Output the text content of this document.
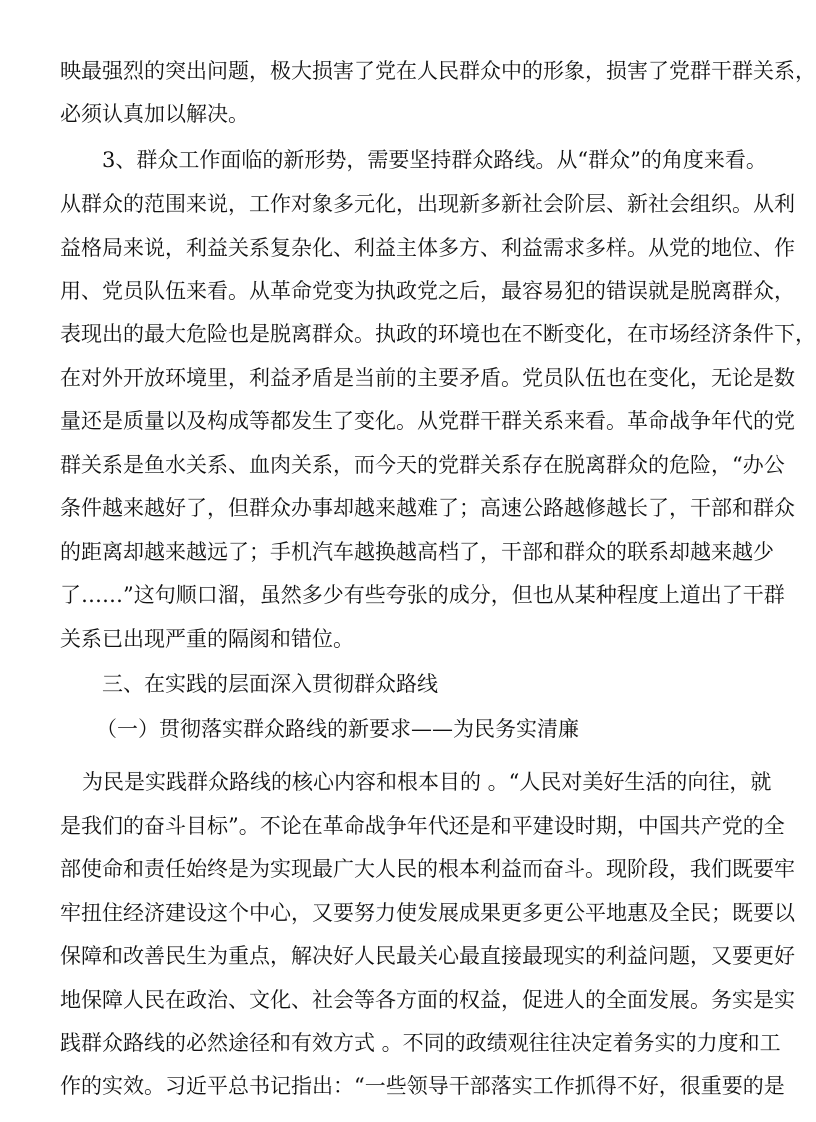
映最强烈的突出问题，极大损害了党在人民群众中的形象，损害了党群干群关系，
必须认真加以解决。
3、群众工作面临的新形势，需要坚持群众路线。从“群众”的角度来看。
从群众的范围来说，工作对象多元化，出现新多新社会阶层、新社会组织。从利
益格局来说，利益关系复杂化、利益主体多方、利益需求多样。从党的地位、作
用、党员队伍来看。从革命党变为执政党之后，最容易犯的错误就是脱离群众，
表现出的最大危险也是脱离群众。执政的环境也在不断变化，在市场经济条件下，
在对外开放环境里，利益矛盾是当前的主要矛盾。党员队伍也在变化，无论是数
量还是质量以及构成等都发生了变化。从党群干群关系来看。革命战争年代的党
群关系是鱼水关系、血肉关系，而今天的党群关系存在脱离群众的危险，“办公
条件越来越好了，但群众办事却越来越难了；高速公路越修越长了，干部和群众
的距离却越来越远了；手机汽车越换越高档了，干部和群众的联系却越来越少
了……”这句顺口溜，虽然多少有些夸张的成分，但也从某种程度上道出了干群
关系已出现严重的隔阂和错位。
三、在实践的层面深入贯彻群众路线
（一）贯彻落实群众路线的新要求——为民务实清廉
为民是实践群众路线的核心内容和根本目的 。“人民对美好生活的向往，就
是我们的奋斗目标”。不论在革命战争年代还是和平建设时期，中国共产党的全
部使命和责任始终是为实现最广大人民的根本利益而奋斗。现阶段，我们既要牢
牢扭住经济建设这个中心，又要努力使发展成果更多更公平地惠及全民；既要以
保障和改善民生为重点，解决好人民最关心最直接最现实的利益问题，又要更好
地保障人民在政治、文化、社会等各方面的权益，促进人的全面发展。务实是实
践群众路线的必然途径和有效方式 。不同的政绩观往往决定着务实的力度和工
作的实效。习近平总书记指出：“一些领导干部落实工作抓得不好，很重要的是
